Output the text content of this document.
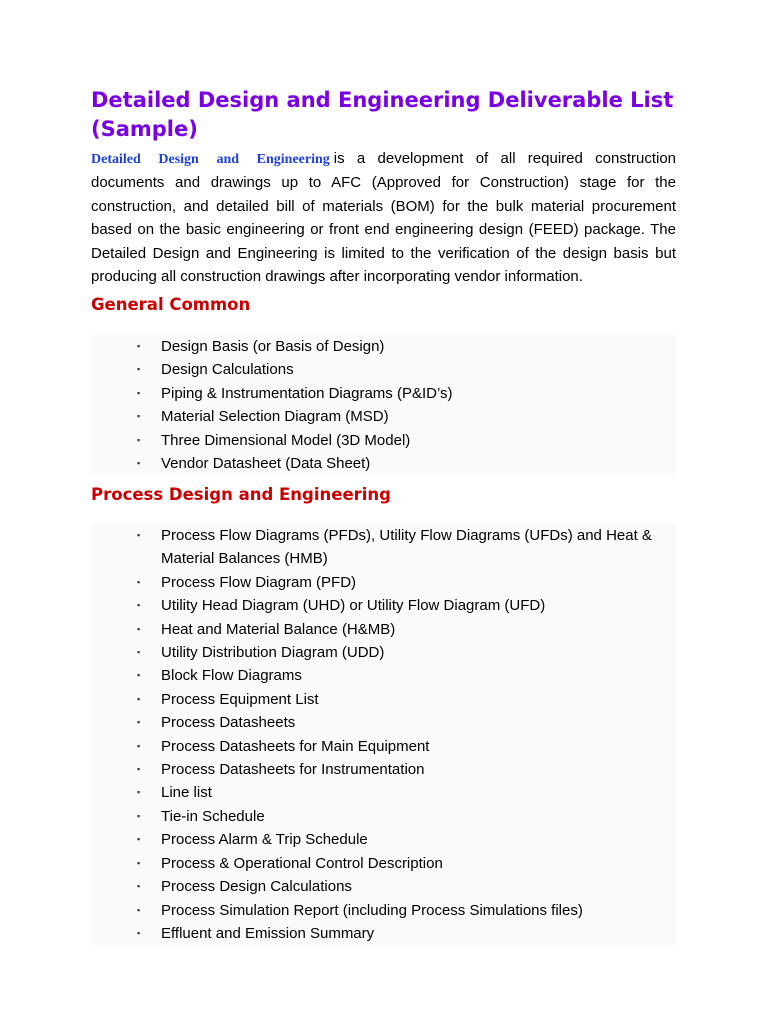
Detailed Design and Engineering Deliverable List (Sample)

Detailed Design and Engineering is a development of all required construction documents and drawings up to AFC (Approved for Construction) stage for the construction, and detailed bill of materials (BOM) for the bulk material procurement based on the basic engineering or front end engineering design (FEED) package. The Detailed Design and Engineering is limited to the verification of the design basis but producing all construction drawings after incorporating vendor information.

General Common
▪ Design Basis (or Basis of Design)
▪ Design Calculations
▪ Piping & Instrumentation Diagrams (P&ID’s)
▪ Material Selection Diagram (MSD)
▪ Three Dimensional Model (3D Model)
▪ Vendor Datasheet (Data Sheet)
Process Design and Engineering
▪ Process Flow Diagrams (PFDs), Utility Flow Diagrams (UFDs) and Heat & Material Balances (HMB)
▪ Process Flow Diagram (PFD)
▪ Utility Head Diagram (UHD) or Utility Flow Diagram (UFD)
▪ Heat and Material Balance (H&MB)
▪ Utility Distribution Diagram (UDD)
▪ Block Flow Diagrams
▪ Process Equipment List
▪ Process Datasheets
▪ Process Datasheets for Main Equipment
▪ Process Datasheets for Instrumentation
▪ Line list
▪ Tie-in Schedule
▪ Process Alarm & Trip Schedule
▪ Process & Operational Control Description
▪ Process Design Calculations
▪ Process Simulation Report (including Process Simulations files)
▪ Effluent and Emission Summary
